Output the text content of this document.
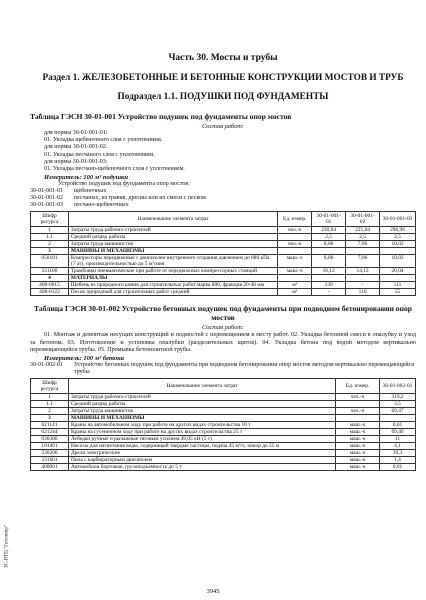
ЗС-НТЦ "Гетолипр"
Часть 30. Мосты и трубы
Раздел 1. ЖЕЛЕЗОБЕТОННЫЕ И БЕТОННЫЕ КОНСТРУКЦИИ МОСТОВ И ТРУБ
Подраздел 1.1. ПОДУШКИ ПОД ФУНДАМЕНТЫ
Таблица ГЭСН 30-01-001 Устройство подушек под фундаменты опор мостов
Состав работ:
для нормы 30-01-001-01:
01. Укладка щебеночного слоя с уплотнением.
для нормы 30-01-001-02:
01. Укладка песчаного слоя с уплотнением.
для нормы 30-01-001-03:
01. Укладка песчано-щебеночного слоя с уплотнением.
Измеритель: 100 м³ подушки
Устройство подушек под фундаменты опор мостов:
30-01-001-01	щебеночных
30-01-001-02	песчаных, из гравия, дресвы или их смеси с песком
30-01-001-03	песчано-щебеночных
Шифр ресурса	Наименование элемента затрат	Ед. измер.	30-01-001-01	30-01-001-02	30-01-001-03
1	Затраты труда рабочих-строителей	чел.-ч	230,84	225,04	296,96
1.1	Средний разряд работы		2,5	2,5	2,5
2	Затраты труда машинистов	чел.-ч	8,06	7,06	10,02
3	МАШИНЫ И МЕХАНИЗМЫ				
050101	Компрессоры передвижные с двигателем внутреннего сгорания давлением до 686 кПа (7 ат), производительностью до 5 м³/мин	маш.-ч	8,06	7,06	10,02
331100	Трамбовки пневматические при работе от передвижных компрессорных станций	маш.-ч	16,12	14,13	20,04
4	МАТЕРИАЛЫ				
408-0015	Щебень из природного камня для строительных работ марка 800, фракция 20-40 мм	м³	139	-	111
408-0122	Песок природный для строительных работ средний	м³	-	110	55
Таблица ГЭСН 30-01-002 Устройство бетонных подушек под фундаменты при подводном бетонировании опор мостов
Состав работ:
01. Монтаж и демонтаж несущих конструкций и подмостей с перемещением к месту работ. 02. Укладка бетонной смеси в опалубку и уход за бетоном. 03. Изготовление и установка опалубки (разделительных щитов). 04. Укладка бетона под водой методом вертикально перемещающейся трубы. 05. Промывка бетонолитной трубы.
Измеритель: 100 м³ бетона
30-01-002-01	Устройство бетонных подушек под фундаменты при подводном бетонировании опор мостов методом вертикально перемещающейся трубы
Шифр ресурса	Наименование элемента затрат	Ед. измер.	30-01-002-01
1	Затраты труда рабочих-строителей	чел.-ч	319,2
1.1	Средний разряд работы		3,5
2	Затраты труда машинистов	чел.-ч	69,47
3	МАШИНЫ И МЕХАНИЗМЫ		
021141	Краны на автомобильном ходу при работе на других видах строительства 10 т	маш.-ч	0,01
021244	Краны на гусеничном ходу при работе на других видах строительства 25 т	маш.-ч	69,46
030306	Лебедки ручные и рычажные тяговым усилием 49,05 кН (5 т)	маш.-ч	11
101401	Насосы для нагнетания воды, содержащей твердые частицы, подача 45 м³/ч, напор до 55 м	маш.-ч	4,1
330206	Дрели электрические	маш.-ч	19,3
331601	Пила с карбюраторным двигателем	маш.-ч	1,4
400001	Автомобили бортовые, грузоподъемность до 5 т	маш.-ч	0,01
3945
